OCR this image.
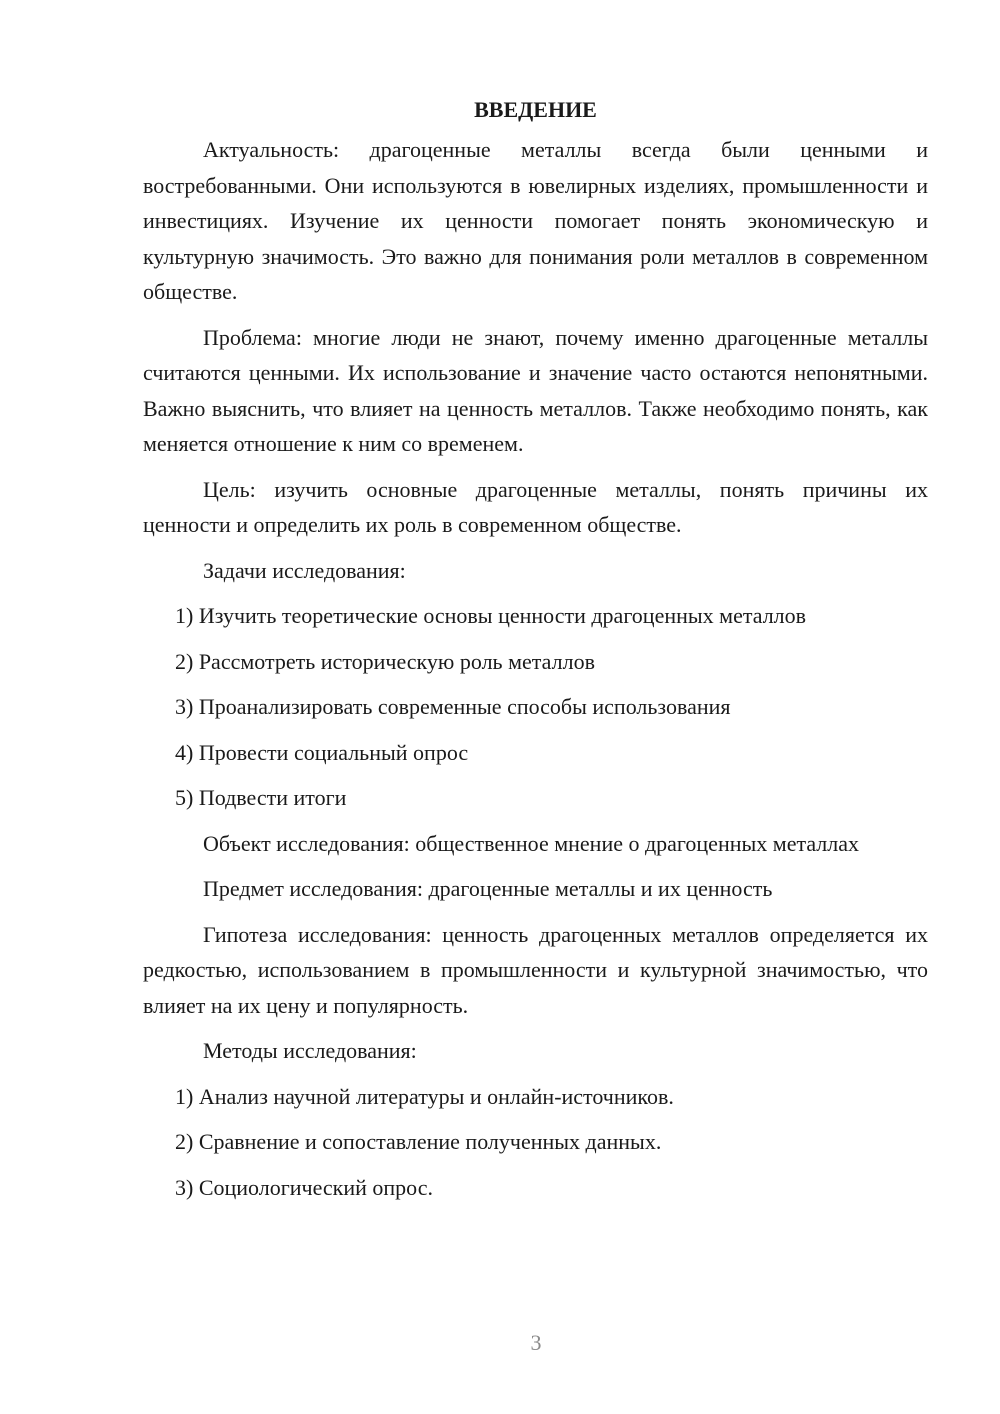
ВВЕДЕНИЕ

Актуальность: драгоценные металлы всегда были ценными и востребованными. Они используются в ювелирных изделиях, промышленности и инвестициях. Изучение их ценности помогает понять экономическую и культурную значимость. Это важно для понимания роли металлов в современном обществе.

Проблема: многие люди не знают, почему именно драгоценные металлы считаются ценными. Их использование и значение часто остаются непонятными. Важно выяснить, что влияет на ценность металлов. Также необходимо понять, как меняется отношение к ним со временем.

Цель: изучить основные драгоценные металлы, понять причины их ценности и определить их роль в современном обществе.

Задачи исследования:

1) Изучить теоретические основы ценности драгоценных металлов
2) Рассмотреть историческую роль металлов
3) Проанализировать современные способы использования
4) Провести социальный опрос
5) Подвести итоги

Объект исследования: общественное мнение о драгоценных металлах

Предмет исследования: драгоценные металлы и их ценность

Гипотеза исследования: ценность драгоценных металлов определяется их редкостью, использованием в промышленности и культурной значимостью, что влияет на их цену и популярность.

Методы исследования:

1) Анализ научной литературы и онлайн-источников.
2) Сравнение и сопоставление полученных данных.
3) Социологический опрос.
3
